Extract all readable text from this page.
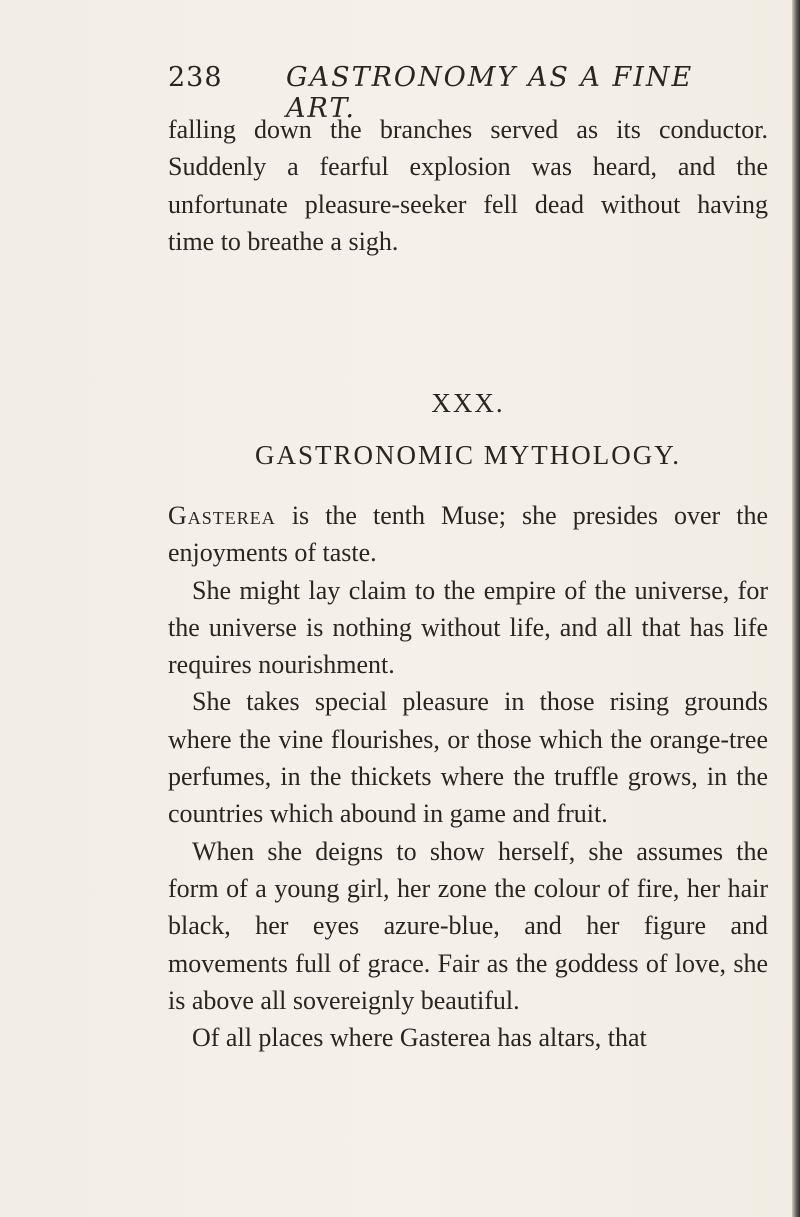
238 GASTRONOMY AS A FINE ART.

falling down the branches served as its conductor. Suddenly a fearful explosion was heard, and the unfortunate pleasure-seeker fell dead without having time to breathe a sigh.

XXX.
GASTRONOMIC MYTHOLOGY.

Gasterea is the tenth Muse; she presides over the enjoyments of taste.

She might lay claim to the empire of the universe, for the universe is nothing without life, and all that has life requires nourishment.

She takes special pleasure in those rising grounds where the vine flourishes, or those which the orange-tree perfumes, in the thickets where the truffle grows, in the countries which abound in game and fruit.

When she deigns to show herself, she assumes the form of a young girl, her zone the colour of fire, her hair black, her eyes azure-blue, and her figure and movements full of grace. Fair as the goddess of love, she is above all sovereignly beautiful.

Of all places where Gasterea has altars, that
